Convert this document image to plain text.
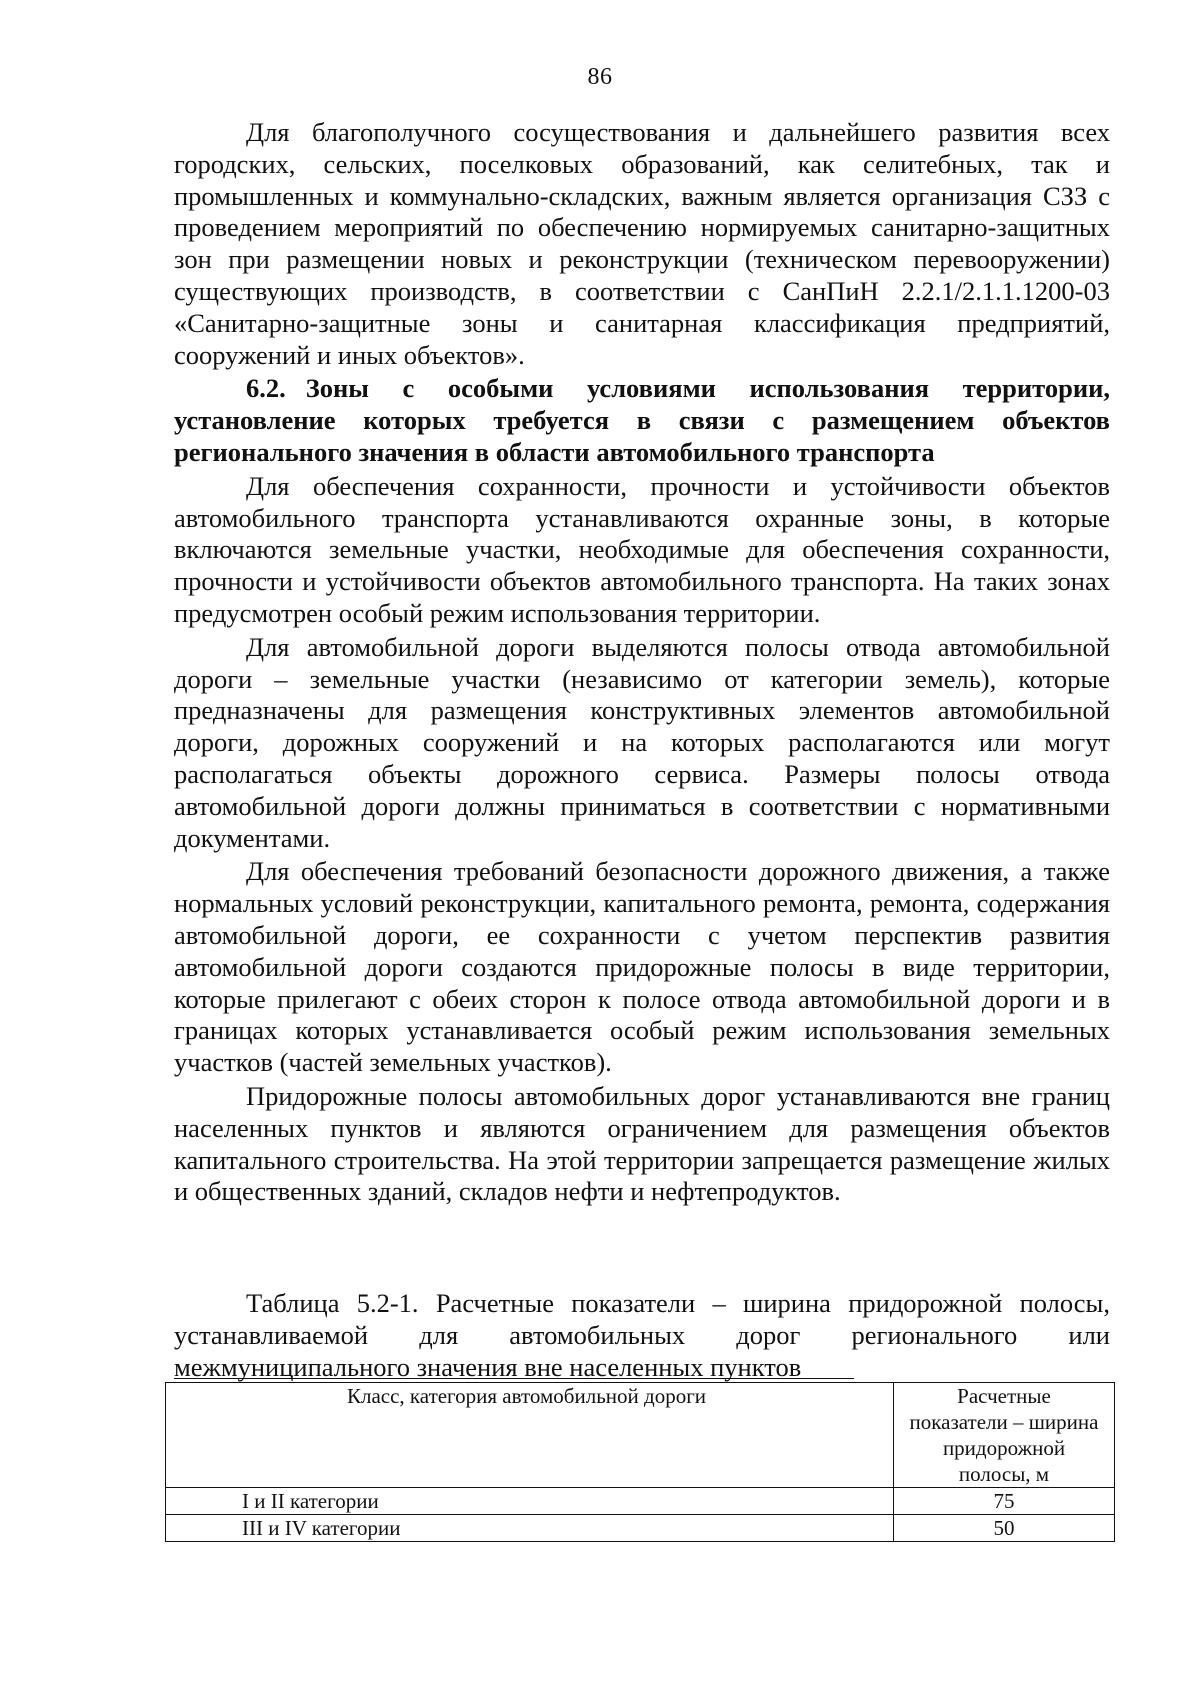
86

Для благополучного сосуществования и дальнейшего развития всех городских, сельских, поселковых образований, как селитебных, так и промышленных и коммунально-складских, важным является организация СЗЗ с проведением мероприятий по обеспечению нормируемых санитарно-защитных зон при размещении новых и реконструкции (техническом перевооружении) существующих производств, в соответствии с СанПиН 2.2.1/2.1.1.1200-03 «Санитарно-защитные зоны и санитарная классификация предприятий, сооружений и иных объектов».

6.2. Зоны с особыми условиями использования территории, установление которых требуется в связи с размещением объектов регионального значения в области автомобильного транспорта

Для обеспечения сохранности, прочности и устойчивости объектов автомобильного транспорта устанавливаются охранные зоны, в которые включаются земельные участки, необходимые для обеспечения сохранности, прочности и устойчивости объектов автомобильного транспорта. На таких зонах предусмотрен особый режим использования территории.

Для автомобильной дороги выделяются полосы отвода автомобильной дороги – земельные участки (независимо от категории земель), которые предназначены для размещения конструктивных элементов автомобильной дороги, дорожных сооружений и на которых располагаются или могут располагаться объекты дорожного сервиса. Размеры полосы отвода автомобильной дороги должны приниматься в соответствии с нормативными документами.

Для обеспечения требований безопасности дорожного движения, а также нормальных условий реконструкции, капитального ремонта, ремонта, содержания автомобильной дороги, ее сохранности с учетом перспектив развития автомобильной дороги создаются придорожные полосы в виде территории, которые прилегают с обеих сторон к полосе отвода автомобильной дороги и в границах которых устанавливается особый режим использования земельных участков (частей земельных участков).

Придорожные полосы автомобильных дорог устанавливаются вне границ населенных пунктов и являются ограничением для размещения объектов капитального строительства. На этой территории запрещается размещение жилых и общественных зданий, складов нефти и нефтепродуктов.

Таблица 5.2-1. Расчетные показатели – ширина придорожной полосы, устанавливаемой для автомобильных дорог регионального или межмуниципального значения вне населенных пунктов
Класс, категория автомобильной дороги	Расчетные
показатели – ширина
придорожной
полосы, м

I и II категории	75
III и IV категории	50
